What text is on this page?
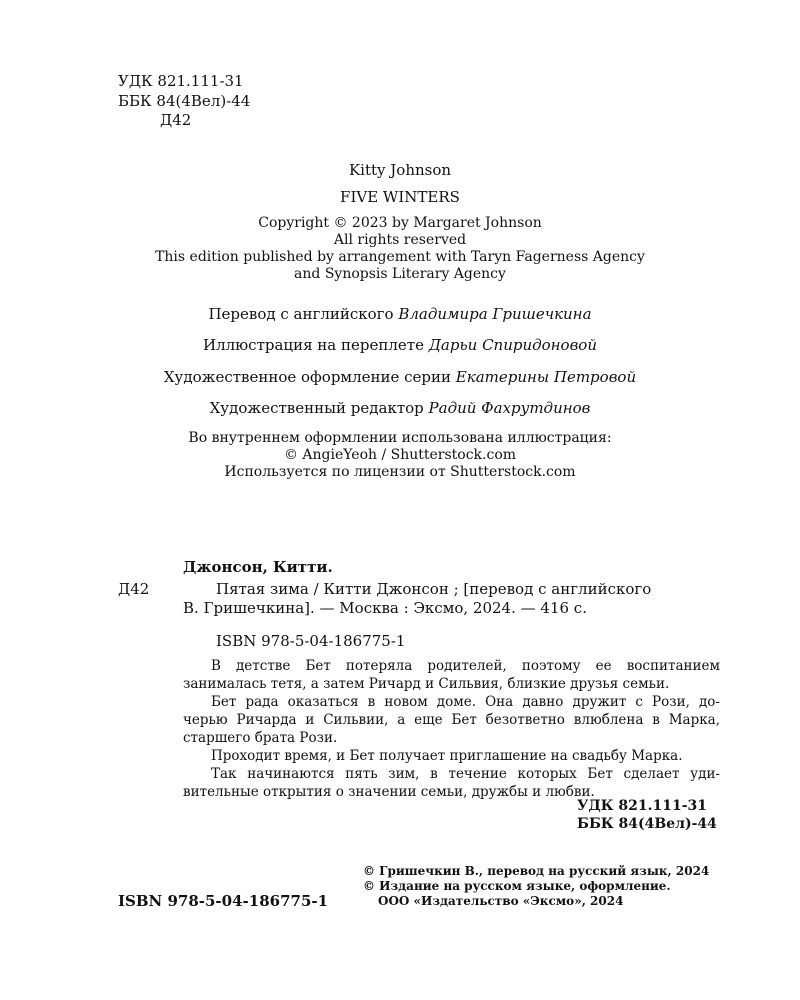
УДК 821.111-31
ББК 84(4Вел)-44
Д42
Kitty Johnson
FIVE WINTERS
Copyright © 2023 by Margaret Johnson
All rights reserved
This edition published by arrangement with Taryn Fagerness Agency
and Synopsis Literary Agency
Перевод с английского Владимира Гришечкина
Иллюстрация на переплете Дарьи Спиридоновой
Художественное оформление серии Екатерины Петровой
Художественный редактор Радий Фахрутдинов
Во внутреннем оформлении использована иллюстрация:
© AngieYeoh / Shutterstock.com
Используется по лицензии от Shutterstock.com
Джонсон, Китти.
Д42	Пятая зима / Китти Джонсон ; [перевод с английского
В. Гришечкина]. — Москва : Эксмо, 2024. — 416 с.
ISBN 978-5-04-186775-1

В детстве Бет потеряла родителей, поэтому ее воспитанием

занималась тетя, а затем Ричард и Сильвия, близкие друзья семьи.

Бет рада оказаться в новом доме. Она давно дружит с Рози, до-

черью Ричарда и Сильвии, а еще Бет безответно влюблена в Марка,

старшего брата Рози.

Проходит время, и Бет получает приглашение на свадьбу Марка.

Так начинаются пять зим, в течение которых Бет сделает уди-

вительные открытия о значении семьи, дружбы и любви.

УДК 821.111-31
ББК 84(4Вел)-44
ISBN 978-5-04-186775-1
© Гришечкин В., перевод на русский язык, 2024
© Издание на русском языке, оформление.
ООО «Издательство «Эксмо», 2024
